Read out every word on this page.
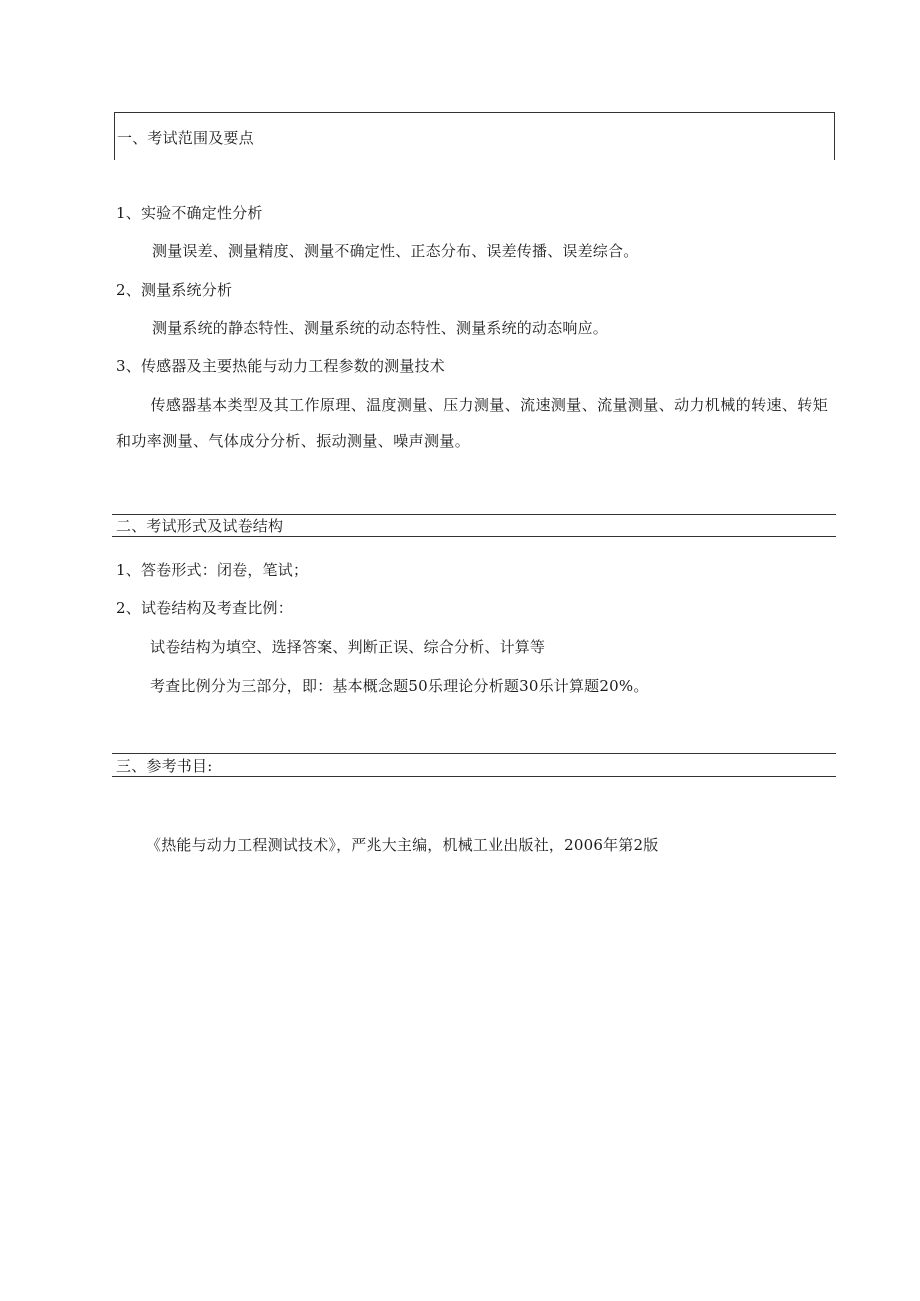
一、考试范围及要点
1、实验不确定性分析
测量误差、测量精度、测量不确定性、正态分布、误差传播、误差综合。
2、测量系统分析
测量系统的静态特性、测量系统的动态特性、测量系统的动态响应。
3、传感器及主要热能与动力工程参数的测量技术
传感器基本类型及其工作原理、温度测量、压力测量、流速测量、流量测量、动力机械的转速、转矩和功率测量、气体成分分析、振动测量、噪声测量。
二、考试形式及试卷结构
1、答卷形式：闭卷，笔试；
2、试卷结构及考查比例：
试卷结构为填空、选择答案、判断正误、综合分析、计算等
考查比例分为三部分，即：基本概念题50乐理论分析题30乐计算题20%。
三、参考书目:
《热能与动力工程测试技术》，严兆大主编，机械工业出版社，2006年第2版
